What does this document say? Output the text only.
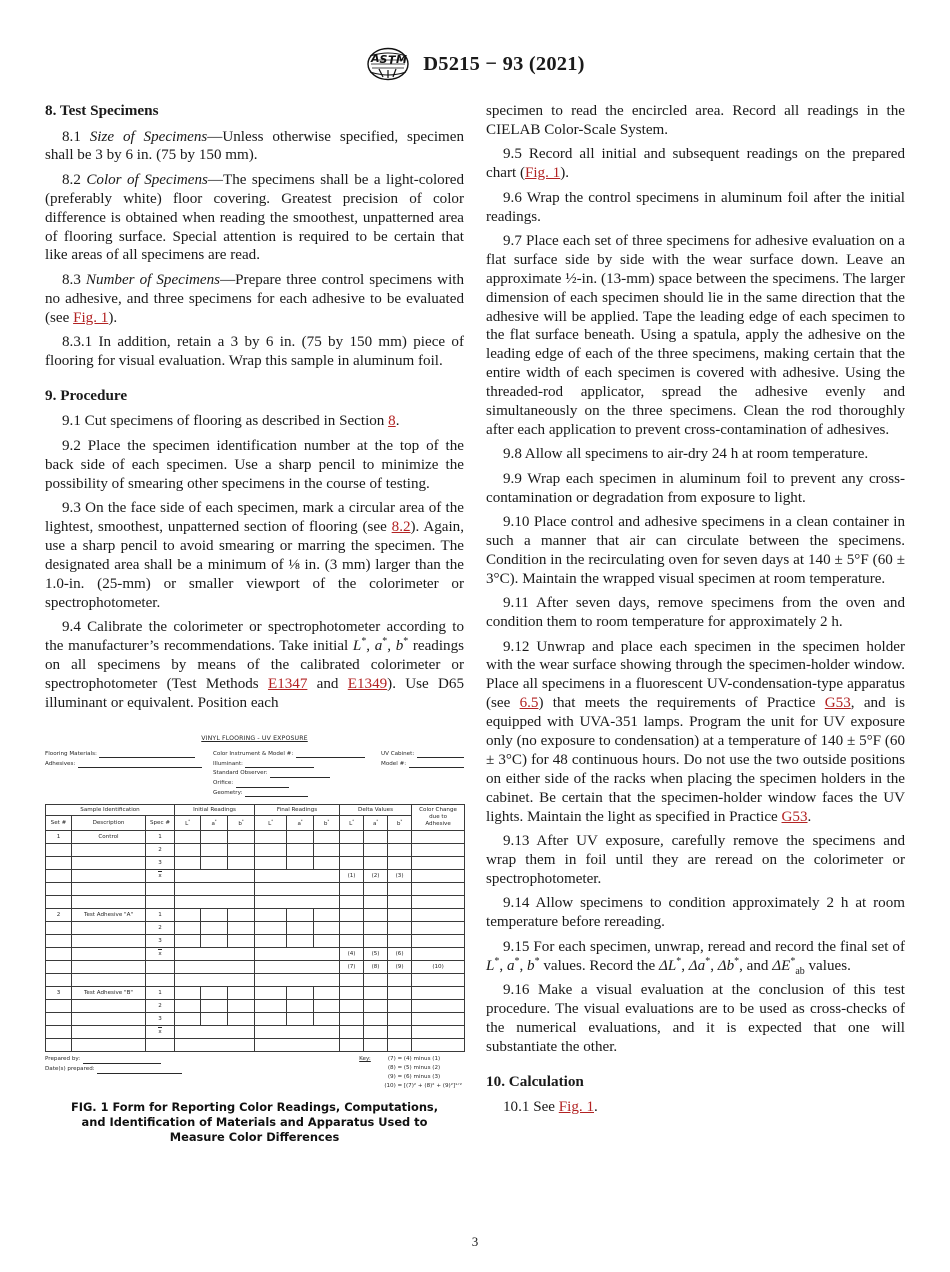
A S T M D5215 − 93 (2021)
8. Test Specimens

8.1 Size of Specimens—Unless otherwise specified, specimen shall be 3 by 6 in. (75 by 150 mm).

8.2 Color of Specimens—The specimens shall be a light-colored (preferably white) floor covering. Greatest precision of color difference is obtained when reading the smoothest, unpatterned area of flooring surface. Special attention is required to be certain that like areas of all specimens are read.

8.3 Number of Specimens—Prepare three control specimens with no adhesive, and three specimens for each adhesive to be evaluated (see Fig. 1).

8.3.1 In addition, retain a 3 by 6 in. (75 by 150 mm) piece of flooring for visual evaluation. Wrap this sample in aluminum foil.

9. Procedure

9.1 Cut specimens of flooring as described in Section 8.

9.2 Place the specimen identification number at the top of the back side of each specimen. Use a sharp pencil to minimize the possibility of smearing other specimens in the course of testing.

9.3 On the face side of each specimen, mark a circular area of the lightest, smoothest, unpatterned section of flooring (see 8.2). Again, use a sharp pencil to avoid smearing or marring the specimen. The designated area shall be a minimum of ⅛ in. (3 mm) larger than the 1.0-in. (25-mm) or smaller viewport of the colorimeter or spectrophotometer.

9.4 Calibrate the colorimeter or spectrophotometer according to the manufacturer’s recommendations. Take initial L*, a*, b* readings on all specimens by means of the calibrated colorimeter or spectrophotometer (Test Methods E1347 and E1349). Use D65 illuminant or equivalent. Position each

VINYL FLOORING - UV EXPOSURE
Flooring Materials:
Adhesives:
Color Instrument & Model #:
Illuminant:
Standard Observer:
Orifice:
Geometry:
UV Cabinet:
Model #:
Sample Identification			Initial Readings			Final Readings			Delta Values			Color Change
due to
Adhesive

Set #	Description	Spec #	L*	a*	b*	L*	a*	b*	L*	a*	b*
1	Control	1										
		2										
		3										
		x							(1)	(2)	(3)	

2	Test Adhesive "A"	1										
		2										
		3										
		x							(4)	(5)	(6)	
									(7)	(8)	(9)	(10)

3	Test Adhesive "B"	1										
		2										
		3										
		x										

Prepared by:
Date(s) prepared:
Key:	(7) = (4) minus (1)
(8) = (5) minus (2)
(9) = (6) minus (3)
(10) = [(7)² + (8)² + (9)²]¹ᐟ²
FIG. 1 Form for Reporting Color Readings, Computations, and Identification of Materials and Apparatus Used to Measure Color Differences

specimen to read the encircled area. Record all readings in the CIELAB Color-Scale System.

9.5 Record all initial and subsequent readings on the prepared chart (Fig. 1).

9.6 Wrap the control specimens in aluminum foil after the initial readings.

9.7 Place each set of three specimens for adhesive evaluation on a flat surface side by side with the wear surface down. Leave an approximate ½-in. (13-mm) space between the specimens. The larger dimension of each specimen should lie in the same direction that the adhesive will be applied. Tape the leading edge of each specimen to the flat surface beneath. Using a spatula, apply the adhesive on the leading edge of each of the three specimens, making certain that the entire width of each specimen is covered with adhesive. Using the threaded-rod applicator, spread the adhesive evenly and simultaneously on the three specimens. Clean the rod thoroughly after each application to prevent cross-contamination of adhesives.

9.8 Allow all specimens to air-dry 24 h at room temperature.

9.9 Wrap each specimen in aluminum foil to prevent any cross-contamination or degradation from exposure to light.

9.10 Place control and adhesive specimens in a clean container in such a manner that air can circulate between the specimens. Condition in the recirculating oven for seven days at 140 ± 5°F (60 ± 3°C). Maintain the wrapped visual specimen at room temperature.

9.11 After seven days, remove specimens from the oven and condition them to room temperature for approximately 2 h.

9.12 Unwrap and place each specimen in the specimen holder with the wear surface showing through the specimen-holder window. Place all specimens in a fluorescent UV-condensation-type apparatus (see 6.5) that meets the requirements of Practice G53, and is equipped with UVA-351 lamps. Program the unit for UV exposure only (no exposure to condensation) at a temperature of 140 ± 5°F (60 ± 3°C) for 48 continuous hours. Do not use the two outside positions on either side of the racks when placing the specimen holders in the cabinet. Be certain that the specimen-holder window faces the UV lights. Maintain the light as specified in Practice G53.

9.13 After UV exposure, carefully remove the specimens and wrap them in foil until they are reread on the colorimeter or spectrophotometer.

9.14 Allow specimens to condition approximately 2 h at room temperature before rereading.

9.15 For each specimen, unwrap, reread and record the final set of L*, a*, b* values. Record the ΔL*, Δa*, Δb*, and $\Delta E^*_{ab}$ values.

9.16 Make a visual evaluation at the conclusion of this test procedure. The visual evaluations are to be used as cross-checks of the numerical evaluations, and it is expected that one will substantiate the other.

10. Calculation

10.1 See Fig. 1.

3
